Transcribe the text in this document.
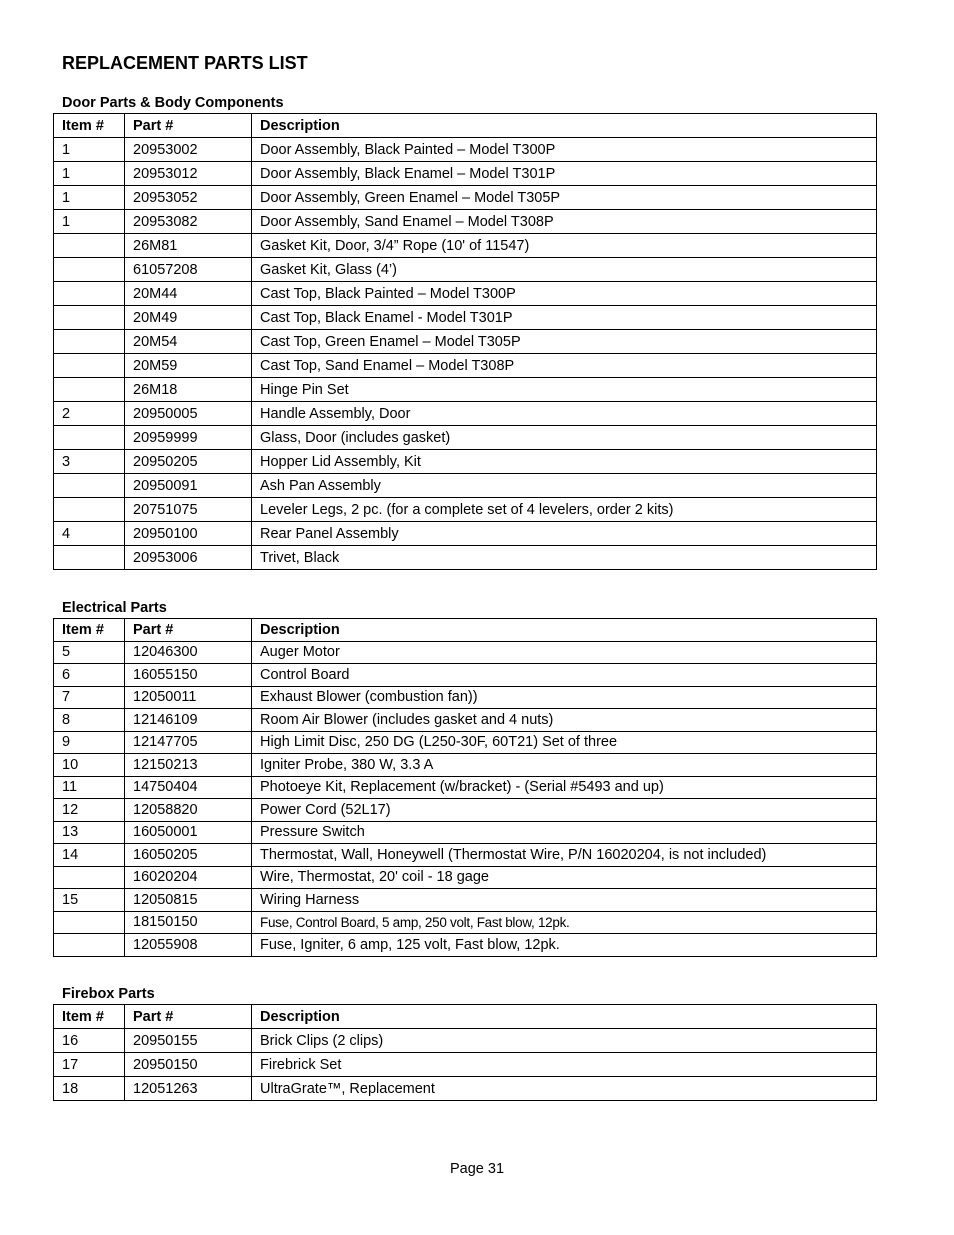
REPLACEMENT PARTS LIST

Door Parts & Body Components

Item #	Part #	Description
1	20953002	Door Assembly, Black Painted – Model T300P
1	20953012	Door Assembly, Black Enamel – Model T301P
1	20953052	Door Assembly, Green Enamel – Model T305P
1	20953082	Door Assembly, Sand Enamel – Model T308P
	26M81	Gasket Kit, Door, 3/4” Rope (10' of 11547)
	61057208	Gasket Kit, Glass (4’)
	20M44	Cast Top, Black Painted – Model T300P
	20M49	Cast Top, Black Enamel - Model T301P
	20M54	Cast Top, Green Enamel – Model T305P
	20M59	Cast Top, Sand Enamel – Model T308P
	26M18	Hinge Pin Set
2	20950005	Handle Assembly, Door
	20959999	Glass, Door (includes gasket)
3	20950205	Hopper Lid Assembly, Kit
	20950091	Ash Pan Assembly
	20751075	Leveler Legs, 2 pc. (for a complete set of 4 levelers, order 2 kits)
4	20950100	Rear Panel Assembly
	20953006	Trivet, Black

Electrical Parts

Item #	Part #	Description
5	12046300	Auger Motor
6	16055150	Control Board
7	12050011	Exhaust Blower (combustion fan))
8	12146109	Room Air Blower (includes gasket and 4 nuts)
9	12147705	High Limit Disc, 250 DG (L250-30F, 60T21) Set of three
10	12150213	Igniter Probe, 380 W, 3.3 A
11	14750404	Photoeye Kit, Replacement (w/bracket) - (Serial #5493 and up)
12	12058820	Power Cord (52L17)
13	16050001	Pressure Switch
14	16050205	Thermostat, Wall, Honeywell (Thermostat Wire, P/N 16020204, is not included)
	16020204	Wire, Thermostat, 20' coil - 18 gage
15	12050815	Wiring Harness
	18150150	Fuse, Control Board, 5 amp, 250 volt, Fast blow, 12pk.
	12055908	Fuse, Igniter, 6 amp, 125 volt, Fast blow, 12pk.

Firebox Parts

Item #	Part #	Description
16	20950155	Brick Clips (2 clips)
17	20950150	Firebrick Set
18	12051263	UltraGrate™, Replacement
Page 31
